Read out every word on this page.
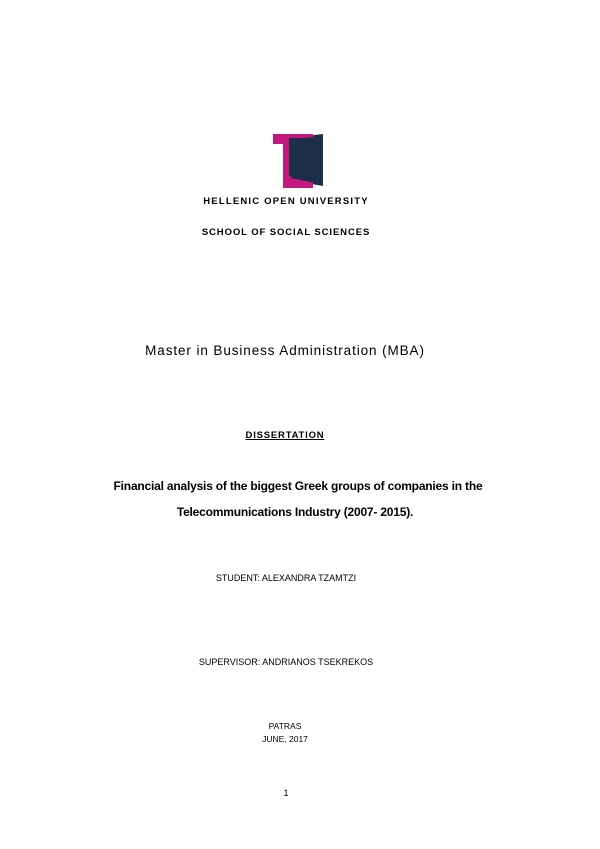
HELLENIC OPEN UNIVERSITY
SCHOOL OF SOCIAL SCIENCES
Master in Business Administration (MBA)
DISSERTATION
Financial analysis of the biggest Greek groups of companies in the
Telecommunications Industry (2007- 2015).
STUDENT: ALEXANDRA TZAMTZI
SUPERVISOR: ANDRIANOS TSEKREKOS
PATRAS
JUNE, 2017
1
